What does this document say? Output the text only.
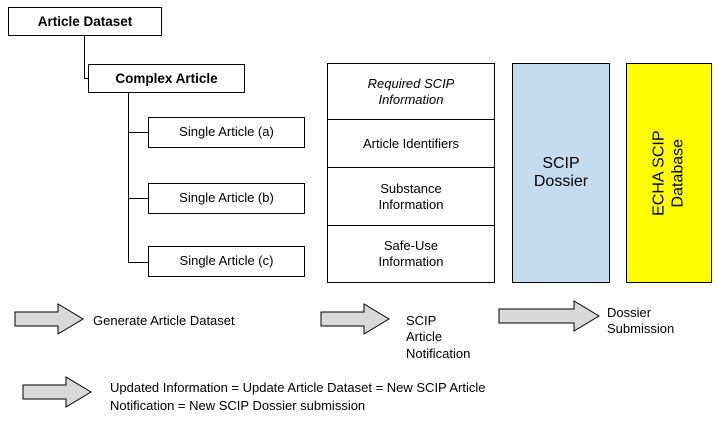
Article Dataset
Complex Article
Single Article (a)
Single Article (b)
Single Article (c)
Required SCIP
Information
Article Identifiers
Substance
Information
Safe-Use
Information
SCIP
Dossier	ECHA SCIP Database
Generate Article Dataset	SCIP
Article
Notification
Dossier
Submission
Updated Information = Update Article Dataset = New SCIP Article
Notification = New SCIP Dossier submission
